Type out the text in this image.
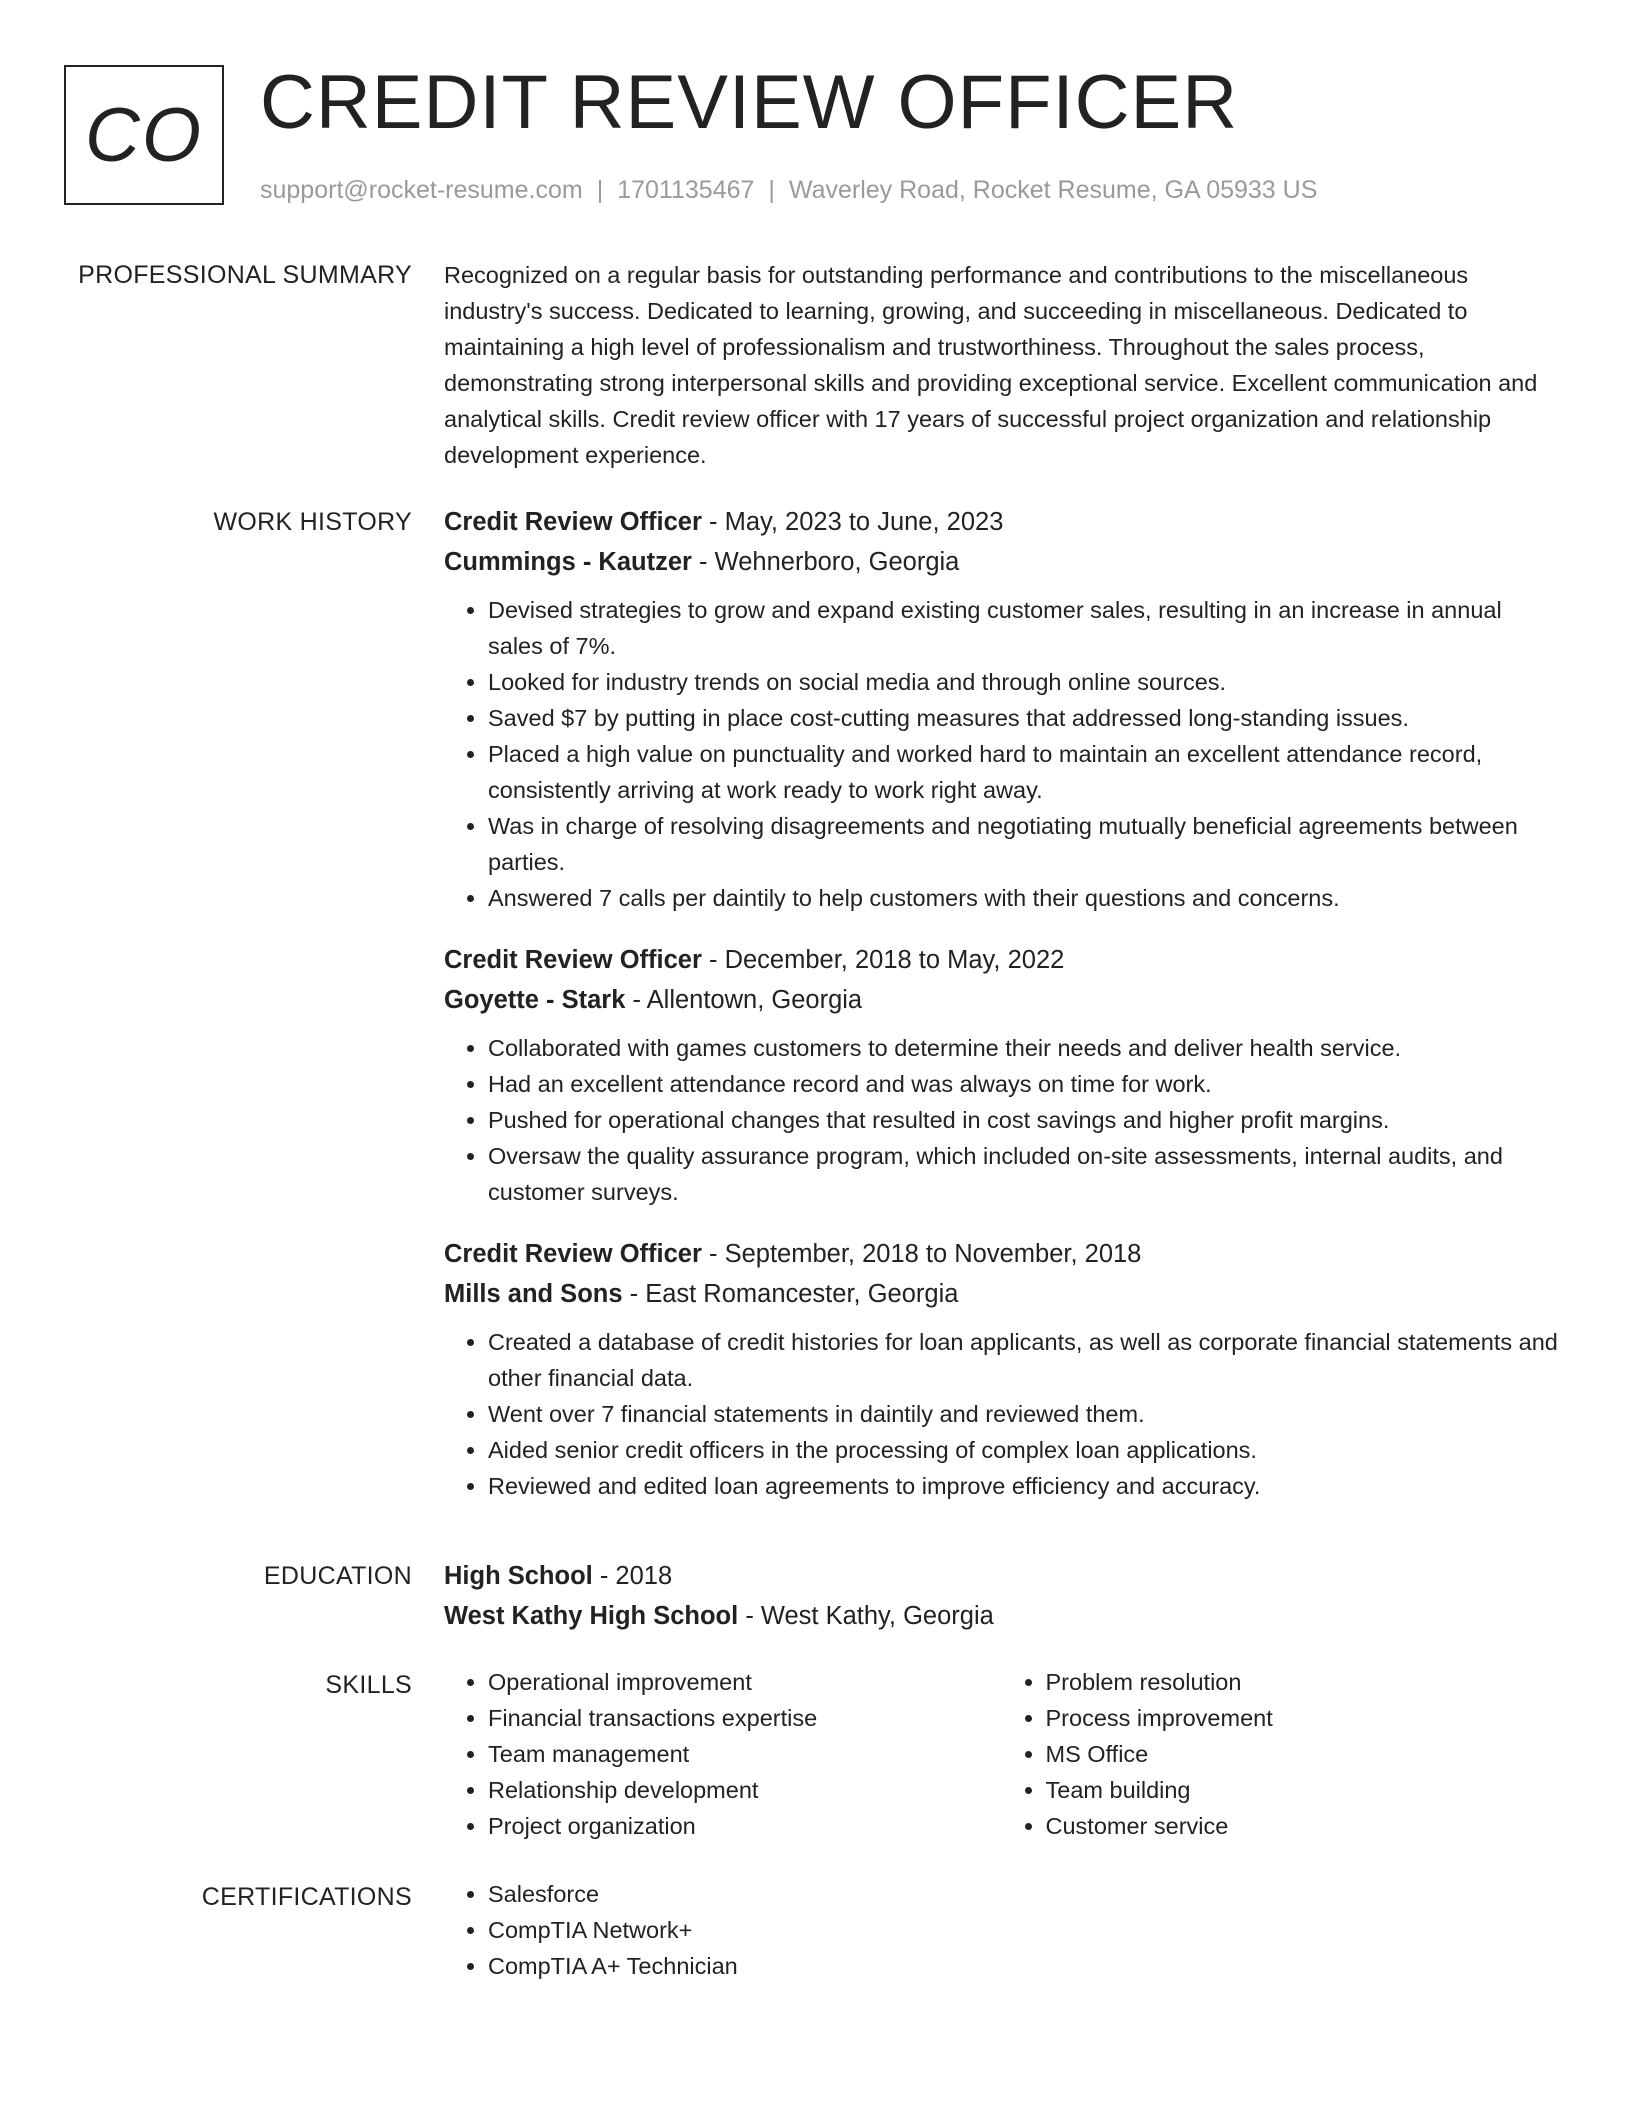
CO CREDIT REVIEW OFFICER
support@rocket-resume.com | 1701135467 | Waverley Road, Rocket Resume, GA 05933 US
PROFESSIONAL SUMMARY Recognized on a regular basis for outstanding performance and contributions to the miscellaneous industry's success. Dedicated to learning, growing, and succeeding in miscellaneous. Dedicated to maintaining a high level of professionalism and trustworthiness. Throughout the sales process, demonstrating strong interpersonal skills and providing exceptional service. Excellent communication and analytical skills. Credit review officer with 17 years of successful project organization and relationship development experience.

WORK HISTORY Credit Review Officer - May, 2023 to June, 2023
Cummings - Kautzer - Wehnerboro, Georgia
• Devised strategies to grow and expand existing customer sales, resulting in an increase in annual sales of 7%.
• Looked for industry trends on social media and through online sources.
• Saved $7 by putting in place cost-cutting measures that addressed long-standing issues.
• Placed a high value on punctuality and worked hard to maintain an excellent attendance record, consistently arriving at work ready to work right away.
• Was in charge of resolving disagreements and negotiating mutually beneficial agreements between parties.
• Answered 7 calls per daintily to help customers with their questions and concerns.
Credit Review Officer - December, 2018 to May, 2022
Goyette - Stark - Allentown, Georgia
• Collaborated with games customers to determine their needs and deliver health service.
• Had an excellent attendance record and was always on time for work.
• Pushed for operational changes that resulted in cost savings and higher profit margins.
• Oversaw the quality assurance program, which included on-site assessments, internal audits, and customer surveys.
Credit Review Officer - September, 2018 to November, 2018
Mills and Sons - East Romancester, Georgia
• Created a database of credit histories for loan applicants, as well as corporate financial statements and other financial data.
• Went over 7 financial statements in daintily and reviewed them.
• Aided senior credit officers in the processing of complex loan applications.
• Reviewed and edited loan agreements to improve efficiency and accuracy.
EDUCATION High School - 2018
West Kathy High School - West Kathy, Georgia
SKILLS	• Operational improvement
• Financial transactions expertise
• Team management
• Relationship development
• Project organization
• Problem resolution
• Process improvement
• MS Office
• Team building
• Customer service
CERTIFICATIONS	• Salesforce
• CompTIA Network+
• CompTIA A+ Technician
